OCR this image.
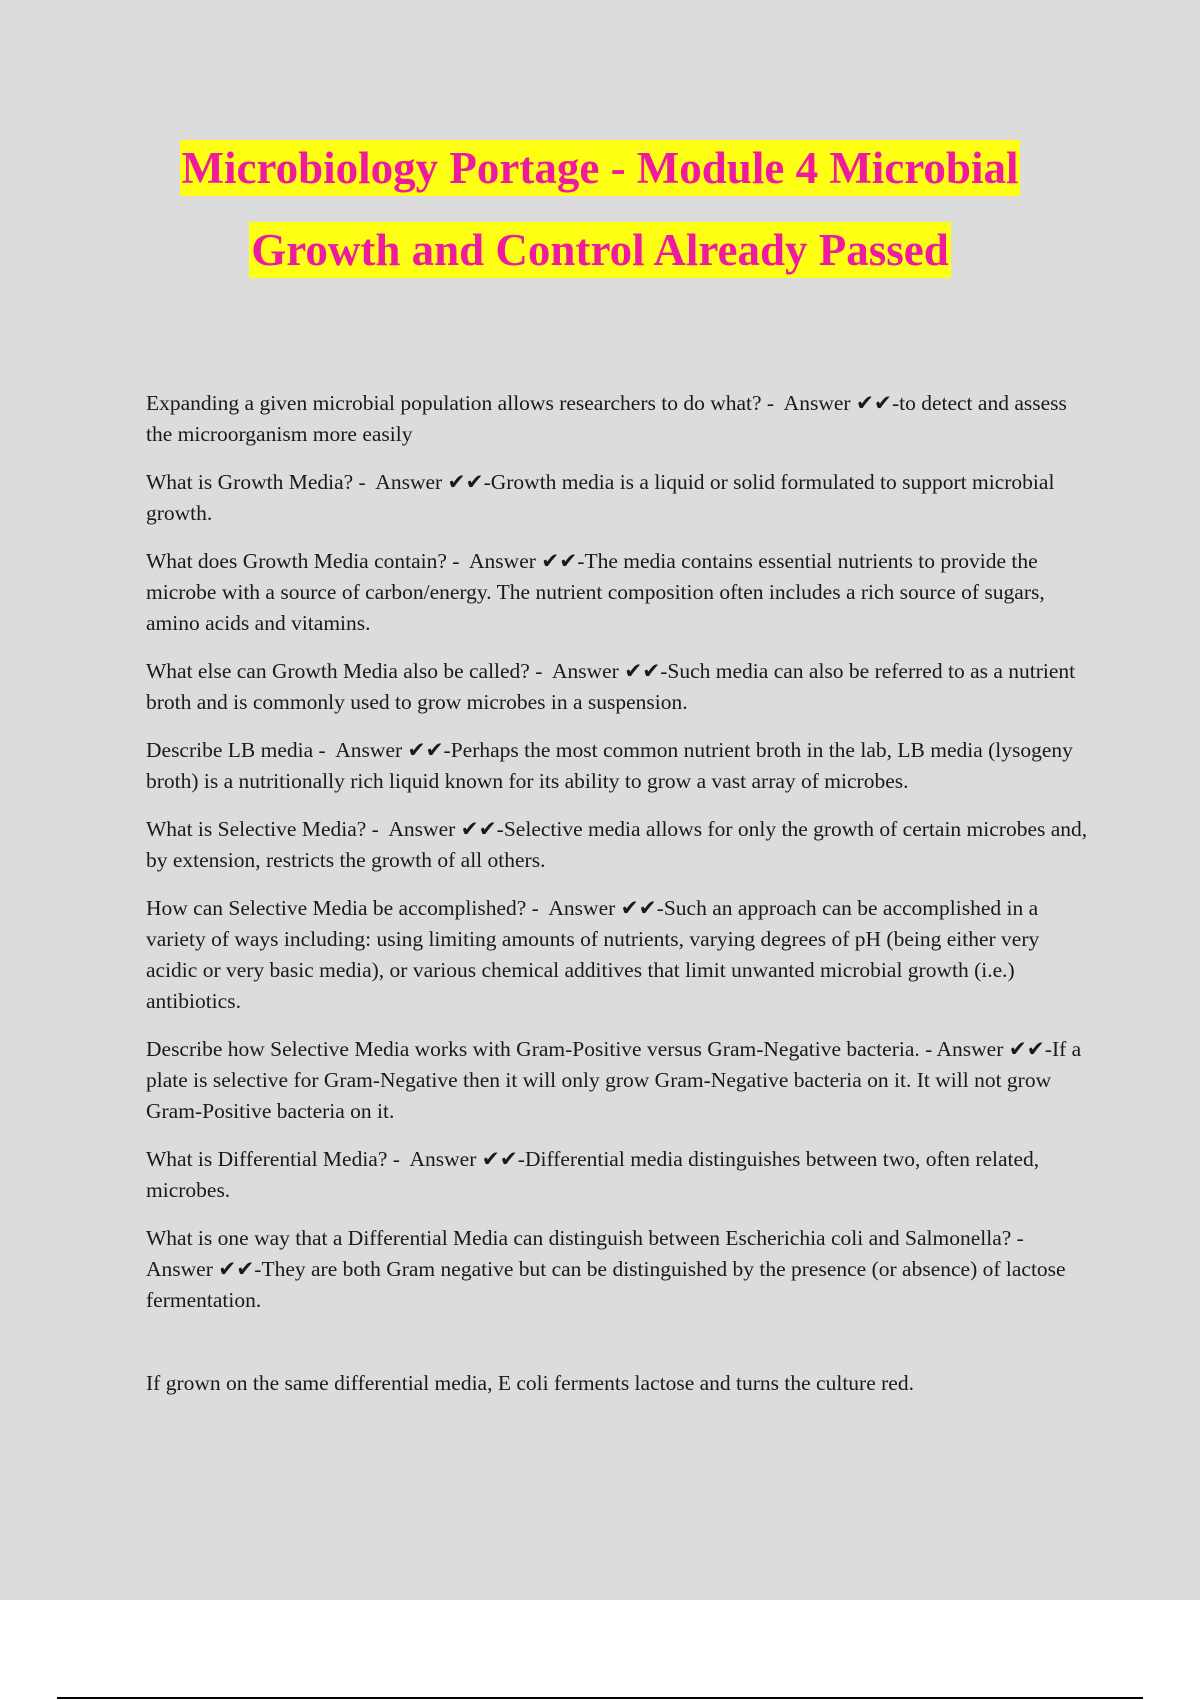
Microbiology Portage - Module 4 Microbial
Growth and Control Already Passed

Expanding a given microbial population allows researchers to do what? - Answer ✔✔-to detect and assess the microorganism more easily

What is Growth Media? - Answer ✔✔-Growth media is a liquid or solid formulated to support microbial growth.

What does Growth Media contain? - Answer ✔✔-The media contains essential nutrients to provide the microbe with a source of carbon/energy. The nutrient composition often includes a rich source of sugars, amino acids and vitamins.

What else can Growth Media also be called? - Answer ✔✔-Such media can also be referred to as a nutrient broth and is commonly used to grow microbes in a suspension.

Describe LB media - Answer ✔✔-Perhaps the most common nutrient broth in the lab, LB media (lysogeny broth) is a nutritionally rich liquid known for its ability to grow a vast array of microbes.

What is Selective Media? - Answer ✔✔-Selective media allows for only the growth of certain microbes and, by extension, restricts the growth of all others.

How can Selective Media be accomplished? - Answer ✔✔-Such an approach can be accomplished in a variety of ways including: using limiting amounts of nutrients, varying degrees of pH (being either very acidic or very basic media), or various chemical additives that limit unwanted microbial growth (i.e.) antibiotics.

Describe how Selective Media works with Gram-Positive versus Gram-Negative bacteria. - Answer ✔✔-If a plate is selective for Gram-Negative then it will only grow Gram-Negative bacteria on it. It will not grow Gram-Positive bacteria on it.

What is Differential Media? - Answer ✔✔-Differential media distinguishes between two, often related, microbes.

What is one way that a Differential Media can distinguish between Escherichia coli and Salmonella? -  Answer ✔✔-They are both Gram negative but can be distinguished by the presence (or absence) of lactose fermentation.

If grown on the same differential media, E coli ferments lactose and turns the culture red.
